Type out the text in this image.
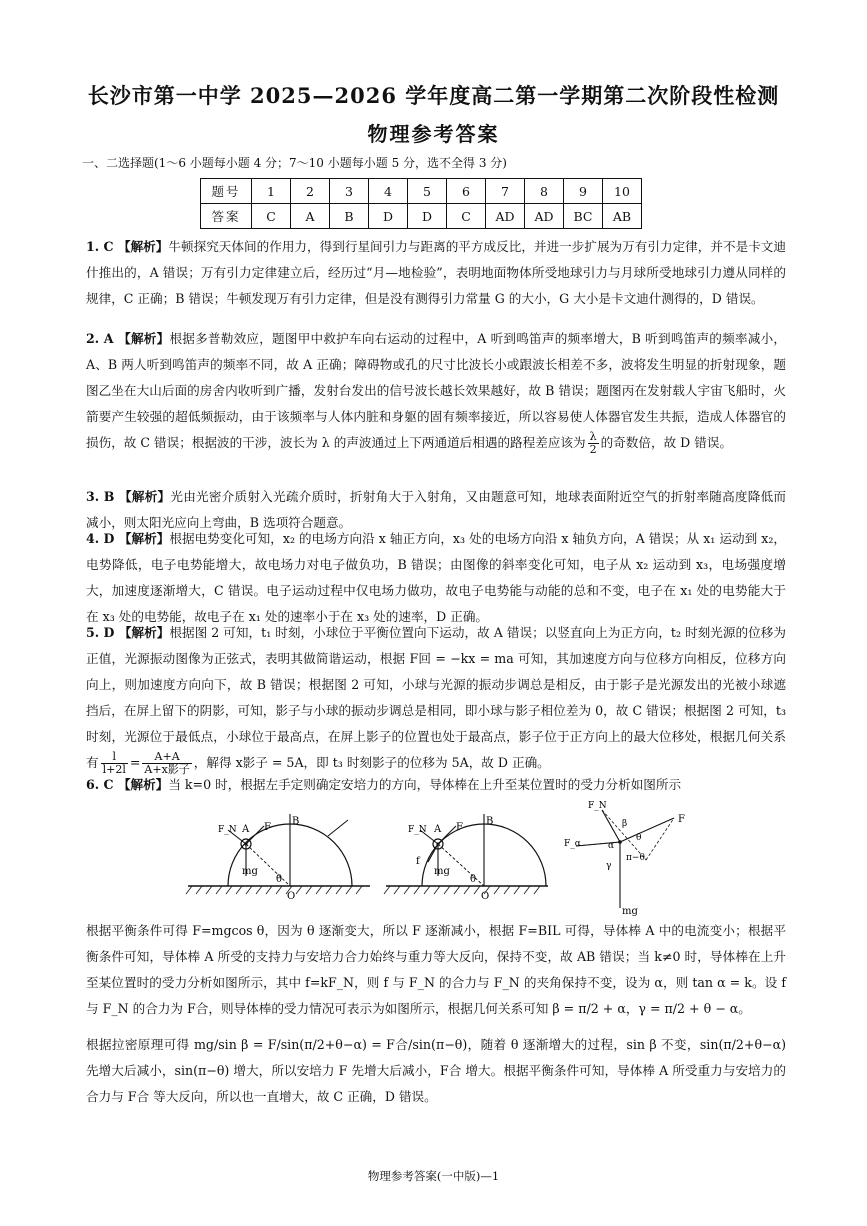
长沙市第一中学 2025—2026 学年度高二第一学期第二次阶段性检测
物理参考答案
一、二选择题(1～6 小题每小题 4 分；7～10 小题每小题 5 分，选不全得 3 分)
题号	1	2	3	4	5	6	7	8	9	10
答案	C	A	B	D	D	C	AD	AD	BC	AB
1. C 【解析】牛顿探究天体间的作用力，得到行星间引力与距离的平方成反比，并进一步扩展为万有引力定律，并不是卡文迪什推出的，A 错误；万有引力定律建立后，经历过“月—地检验”，表明地面物体所受地球引力与月球所受地球引力遵从同样的规律，C 正确；B 错误；牛顿发现万有引力定律，但是没有测得引力常量 G 的大小，G 大小是卡文迪什测得的，D 错误。
2. A 【解析】根据多普勒效应，题图甲中救护车向右运动的过程中，A 听到鸣笛声的频率增大，B 听到鸣笛声的频率减小，A、B 两人听到鸣笛声的频率不同，故 A 正确；障碍物或孔的尺寸比波长小或跟波长相差不多，波将发生明显的折射现象，题图乙坐在大山后面的房舍内收听到广播，发射台发出的信号波长越长效果越好，故 B 错误；题图丙在发射载人宇宙飞船时，火箭要产生较强的超低频振动，由于该频率与人体内脏和身躯的固有频率接近，所以容易使人体器官发生共振，造成人体器官的损伤，故 C 错误；根据波的干涉，波长为 λ 的声波通过上下两通道后相遇的路程差应该为 $\frac{\lambda}{2}$ 的奇数倍，故 D 错误。
3. B 【解析】光由光密介质射入光疏介质时，折射角大于入射角，又由题意可知，地球表面附近空气的折射率随高度降低而减小，则太阳光应向上弯曲，B 选项符合题意。
4. D 【解析】根据电势变化可知，x₂ 的电场方向沿 x 轴正方向，x₃ 处的电场方向沿 x 轴负方向，A 错误；从 x₁ 运动到 x₂，电势降低，电子电势能增大，故电场力对电子做负功，B 错误；由图像的斜率变化可知，电子从 x₂ 运动到 x₃，电场强度增大，加速度逐渐增大，C 错误。电子运动过程中仅电场力做功，故电子电势能与动能的总和不变，电子在 x₁ 处的电势能大于在 x₃ 处的电势能，故电子在 x₁ 处的速率小于在 x₃ 处的速率，D 正确。
5. D 【解析】根据图 2 可知，t₁ 时刻，小球位于平衡位置向下运动，故 A 错误；以竖直向上为正方向，t₂ 时刻光源的位移为正值，光源振动图像为正弦式，表明其做简谐运动，根据 F回 = −kx = ma 可知，其加速度方向与位移方向相反，位移方向向上，则加速度方向向下，故 B 错误；根据图 2 可知，小球与光源的振动步调总是相反，由于影子是光源发出的光被小球遮挡后，在屏上留下的阴影，可知，影子与小球的振动步调总是相同，即小球与影子相位差为 0，故 C 错误；根据图 2 可知，t₃ 时刻，光源位于最低点，小球位于最高点，在屏上影子的位置也处于最高点，影子位于正方向上的最大位移处，根据几何关系有 $\frac{l}{l+2l} = \frac{A+A}{\text{A+x影子}}$ ，解得 x影子 = 5A，即 t₃ 时刻影子的位移为 5A，故 D 正确。
6. C 【解析】当 k=0 时，根据左手定则确定安培力的方向，导体棒在上升至某位置时的受力分析如图所示
F_N A F
B
mg
θ
O
F_N A F
B
f
mg
θ
O
F_N
F
F_α
β
θ
α
γ
π−θ
mg
根据平衡条件可得 F=mgcos θ，因为 θ 逐渐变大，所以 F 逐渐减小，根据 F=BIL 可得，导体棒 A 中的电流变小；根据平衡条件可知，导体棒 A 所受的支持力与安培力合力始终与重力等大反向，保持不变，故 AB 错误；当 k≠0 时，导体棒在上升至某位置时的受力分析如图所示，其中 f=kF_N，则 f 与 F_N 的合力与 F_N 的夹角保持不变，设为 α，则 tan α = k。设 f 与 F_N 的合力为 F合，则导体棒的受力情况可表示为如图所示，根据几何关系可知 β = π/2 + α，γ = π/2 + θ − α。
根据拉密原理可得 mg/sin β = F/sin(π/2+θ−α) = F合/sin(π−θ)，随着 θ 逐渐增大的过程，sin β 不变，sin(π/2+θ−α) 先增大后减小，sin(π−θ) 增大，所以安培力 F 先增大后减小，F合 增大。根据平衡条件可知，导体棒 A 所受重力与安培力的合力与 F合 等大反向，所以也一直增大，故 C 正确，D 错误。
物理参考答案(一中版)—1
